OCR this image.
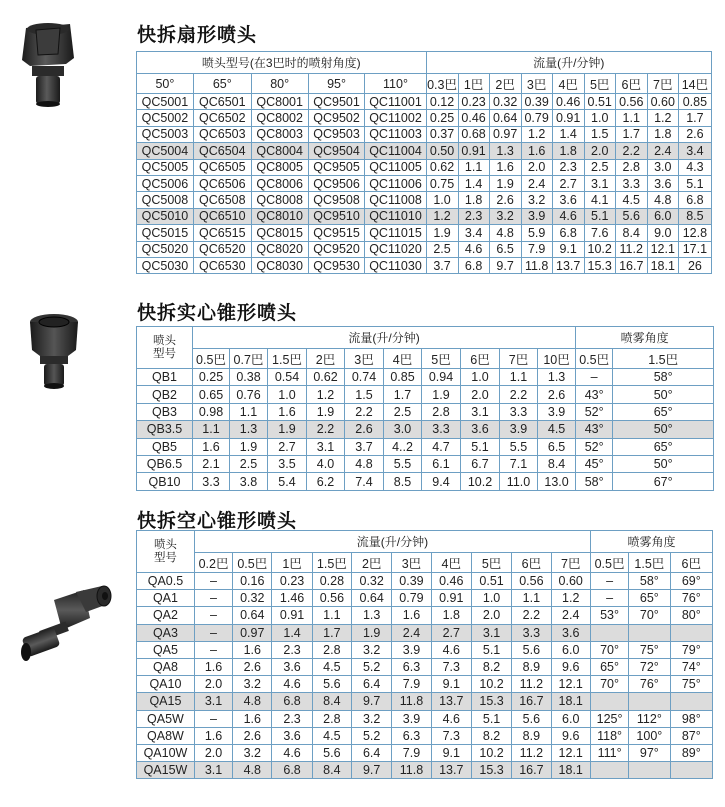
快拆扇形喷头
喷头型号(在3巴时的喷射角度)					流量(升/分钟)								
50°	65°	80°	95°	110°	0.3巴	1巴	2巴	3巴	4巴	5巴	6巴	7巴	14巴
QC5001	QC6501	QC8001	QC9501	QC11001	0.12	0.23	0.32	0.39	0.46	0.51	0.56	0.60	0.85
QC5002	QC6502	QC8002	QC9502	QC11002	0.25	0.46	0.64	0.79	0.91	1.0	1.1	1.2	1.7
QC5003	QC6503	QC8003	QC9503	QC11003	0.37	0.68	0.97	1.2	1.4	1.5	1.7	1.8	2.6
QC5004	QC6504	QC8004	QC9504	QC11004	0.50	0.91	1.3	1.6	1.8	2.0	2.2	2.4	3.4
QC5005	QC6505	QC8005	QC9505	QC11005	0.62	1.1	1.6	2.0	2.3	2.5	2.8	3.0	4.3
QC5006	QC6506	QC8006	QC9506	QC11006	0.75	1.4	1.9	2.4	2.7	3.1	3.3	3.6	5.1
QC5008	QC6508	QC8008	QC9508	QC11008	1.0	1.8	2.6	3.2	3.6	4.1	4.5	4.8	6.8
QC5010	QC6510	QC8010	QC9510	QC11010	1.2	2.3	3.2	3.9	4.6	5.1	5.6	6.0	8.5
QC5015	QC6515	QC8015	QC9515	QC11015	1.9	3.4	4.8	5.9	6.8	7.6	8.4	9.0	12.8
QC5020	QC6520	QC8020	QC9520	QC11020	2.5	4.6	6.5	7.9	9.1	10.2	11.2	12.1	17.1
QC5030	QC6530	QC8030	QC9530	QC11030	3.7	6.8	9.7	11.8	13.7	15.3	16.7	18.1	26
快拆实心锥形喷头
喷头
型号	流量(升/分钟)										喷雾角度	
	0.5巴	0.7巴	1.5巴	2巴	3巴	4巴	5巴	6巴	7巴	10巴	0.5巴	1.5巴
QB1	0.25	0.38	0.54	0.62	0.74	0.85	0.94	1.0	1.1	1.3	–	58°
QB2	0.65	0.76	1.0	1.2	1.5	1.7	1.9	2.0	2.2	2.6	43°	50°
QB3	0.98	1.1	1.6	1.9	2.2	2.5	2.8	3.1	3.3	3.9	52°	65°
QB3.5	1.1	1.3	1.9	2.2	2.6	3.0	3.3	3.6	3.9	4.5	43°	50°
QB5	1.6	1.9	2.7	3.1	3.7	4..2	4.7	5.1	5.5	6.5	52°	65°
QB6.5	2.1	2.5	3.5	4.0	4.8	5.5	6.1	6.7	7.1	8.4	45°	50°
QB10	3.3	3.8	5.4	6.2	7.4	8.5	9.4	10.2	11.0	13.0	58°	67°
快拆空心锥形喷头
喷头
型号	流量(升/分钟)										喷雾角度		
	0.2巴	0.5巴	1巴	1.5巴	2巴	3巴	4巴	5巴	6巴	7巴	0.5巴	1.5巴	6巴
QA0.5	–	0.16	0.23	0.28	0.32	0.39	0.46	0.51	0.56	0.60	–	58°	69°
QA1	–	0.32	1.46	0.56	0.64	0.79	0.91	1.0	1.1	1.2	–	65°	76°
QA2	–	0.64	0.91	1.1	1.3	1.6	1.8	2.0	2.2	2.4	53°	70°	80°
QA3	–	0.97	1.4	1.7	1.9	2.4	2.7	3.1	3.3	3.6			
QA5	–	1.6	2.3	2.8	3.2	3.9	4.6	5.1	5.6	6.0	70°	75°	79°
QA8	1.6	2.6	3.6	4.5	5.2	6.3	7.3	8.2	8.9	9.6	65°	72°	74°
QA10	2.0	3.2	4.6	5.6	6.4	7.9	9.1	10.2	11.2	12.1	70°	76°	75°
QA15	3.1	4.8	6.8	8.4	9.7	11.8	13.7	15.3	16.7	18.1			
QA5W	–	1.6	2.3	2.8	3.2	3.9	4.6	5.1	5.6	6.0	125°	112°	98°
QA8W	1.6	2.6	3.6	4.5	5.2	6.3	7.3	8.2	8.9	9.6	118°	100°	87°
QA10W	2.0	3.2	4.6	5.6	6.4	7.9	9.1	10.2	11.2	12.1	111°	97°	89°
QA15W	3.1	4.8	6.8	8.4	9.7	11.8	13.7	15.3	16.7	18.1			
